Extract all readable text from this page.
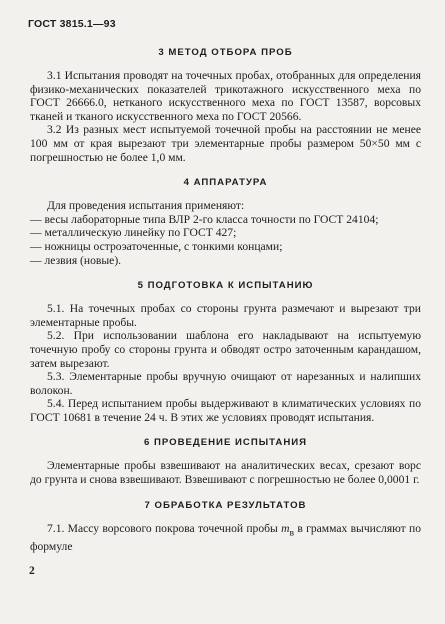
ГОСТ 3815.1—93
3 МЕТОД ОТБОРА ПРОБ

3.1 Испытания проводят на точечных пробах, отобранных для определения физико-механических показателей трикотажного искусственного меха по ГОСТ 26666.0, нетканого искусственного меха по ГОСТ 13587, ворсовых тканей и тканого искусственного меха по ГОСТ 20566.

3.2 Из разных мест испытуемой точечной пробы на расстоянии не менее 100 мм от края вырезают три элементарные пробы размером 50×50 мм с погрешностью не более 1,0 мм.

4 АППАРАТУРА

Для проведения испытания применяют:

— весы лабораторные типа ВЛР 2-го класса точности по ГОСТ 24104;

— металлическую линейку по ГОСТ 427;

— ножницы остроэаточенные, с тонкими концами;

— лезвия (новые).

5 ПОДГОТОВКА К ИСПЫТАНИЮ

5.1. На точечных пробах со стороны грунта размечают и вырезают три элементарные пробы.

5.2. При использовании шаблона его накладывают на испытуемую точечную пробу со стороны грунта и обводят остро заточенным карандашом, затем вырезают.

5.3. Элементарные пробы вручную очищают от нарезанных и налипших волокон.

5.4. Перед испытанием пробы выдерживают в климатических условиях по ГОСТ 10681 в течение 24 ч. В этих же условиях проводят испытания.

6 ПРОВЕДЕНИЕ ИСПЫТАНИЯ

Элементарные пробы взвешивают на аналитических весах, срезают ворс до грунта и снова взвешивают. Взвешивают с погрешностью не более 0,0001 г.

7 ОБРАБОТКА РЕЗУЛЬТАТОВ

7.1. Массу ворсового покрова точечной пробы $m_в$ в граммах вычисляют по формуле

2
